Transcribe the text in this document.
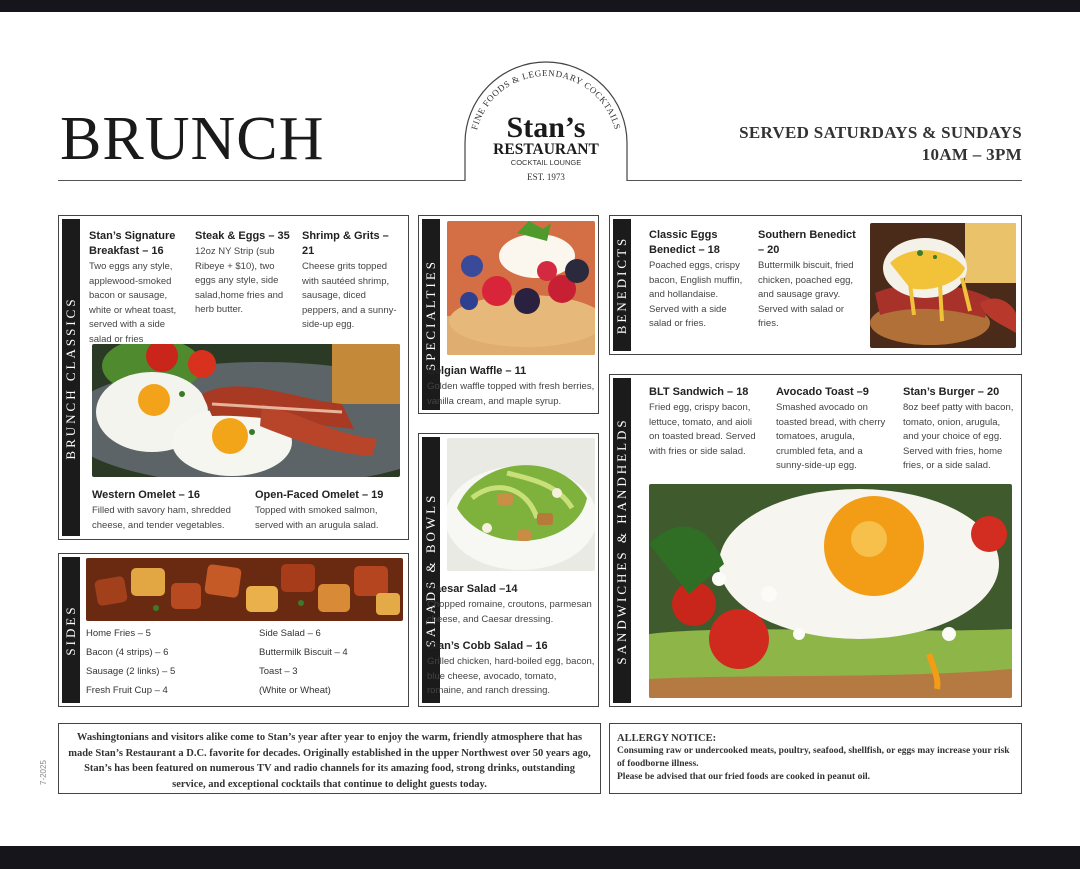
BRUNCH	SERVED SATURDAYS & SUNDAYS
10AM – 3PM
FINE FOODS & LEGENDARY COCKTAILS
Stan’s
RESTAURANT
COCKTAIL LOUNGE
EST. 1973
BRUNCH CLASSICS
Stan’s Signature Breakfast – 16
Two eggs any style, applewood-smoked bacon or sausage, white or wheat toast, served with a side salad or fries
Steak & Eggs – 35
12oz NY Strip (sub Ribeye + $10), two eggs any style, side salad,home fries and herb butter.
Shrimp & Grits – 21
Cheese grits topped with sautéed shrimp, sausage, diced peppers, and a sunny-side-up egg.
Western Omelet – 16
Filled with savory ham, shredded cheese, and tender vegetables.
Open-Faced Omelet – 19
Topped with smoked salmon, served with an arugula salad.
SPECIALTIES
Belgian Waffle – 11
Golden waffle topped with fresh berries, vanilla cream, and maple syrup.
BENEDICTS
Classic Eggs Benedict – 18
Poached eggs, crispy bacon, English muffin, and hollandaise. Served with a side salad or fries.
Southern Benedict – 20
Buttermilk biscuit, fried chicken, poached egg, and sausage gravy. Served with salad or fries.
SANDWICHES & HANDHELDS
BLT Sandwich – 18
Fried egg, crispy bacon, lettuce, tomato, and aioli on toasted bread. Served with fries or side salad.
Avocado Toast –9
Smashed avocado on toasted bread, with cherry tomatoes, arugula, crumbled feta, and a sunny-side-up egg.
Stan’s Burger – 20
8oz beef patty with bacon, tomato, onion, arugula, and your choice of egg. Served with fries, home fries, or a side salad.
SALADS & BOWLS
Caesar Salad –14
Chopped romaine, croutons, parmesan cheese, and Caesar dressing.
Stan’s Cobb Salad – 16
Grilled chicken, hard-boiled egg, bacon, blue cheese, avocado, tomato, romaine, and ranch dressing.
SIDES Home Fries – 5
Bacon (4 strips) – 6
Sausage (2 links) – 5
Fresh Fruit Cup – 4
Side Salad – 6
Buttermilk Biscuit – 4
Toast – 3
(White or Wheat)
Washingtonians and visitors alike come to Stan’s year after year to enjoy the warm, friendly atmosphere that has made Stan’s Restaurant a D.C. favorite for decades. Originally established in the upper Northwest over 50 years ago, Stan’s has been featured on numerous TV and radio channels for its amazing food, strong drinks, outstanding service, and exceptional cocktails that continue to delight guests today.
ALLERGY NOTICE:
Consuming raw or undercooked meats, poultry, seafood, shellfish, or eggs may increase your risk of foodborne illness.
Please be advised that our fried foods are cooked in peanut oil.
7-2025
